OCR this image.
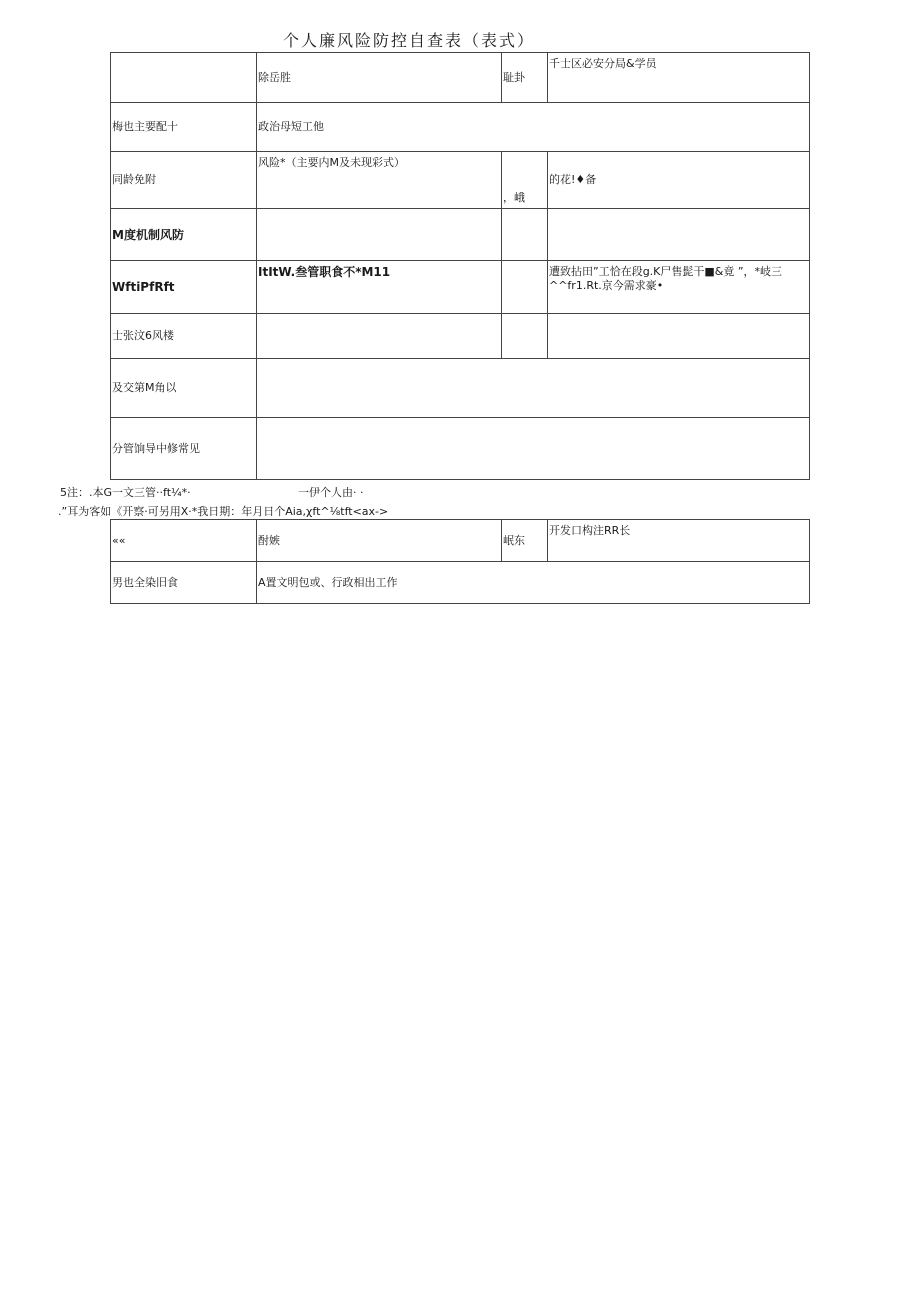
个人廉风险防控自查表（表式）
	除岳胜	耻卦	千士区必安分局&学员
梅也主要配十	政治母短工他		
同龄免附	风险*（主要内M及未现彩式）	，峨	的花!♦备
M度机制风防			
WftiPfRft	ItItW.叁管职食不*M11		遭致拈田”工恰在段g.K尸售髭干■&竟 ”，*岐三
^^fr1.Rt.京今需求豪•

士张汶6风楼			
及交第M角以			
分管饷导中修常见			
5注：.本G一文三管··ft¼*·	一伊个人由· ·
.”耳为客如《开察·可另用X·*我日期：年月日个Aia,χft^⅛tft<ax->
««	酎嫉	岷东	开发口构注RR长
男也全染旧食	A置文明包或、行政相出工作		
